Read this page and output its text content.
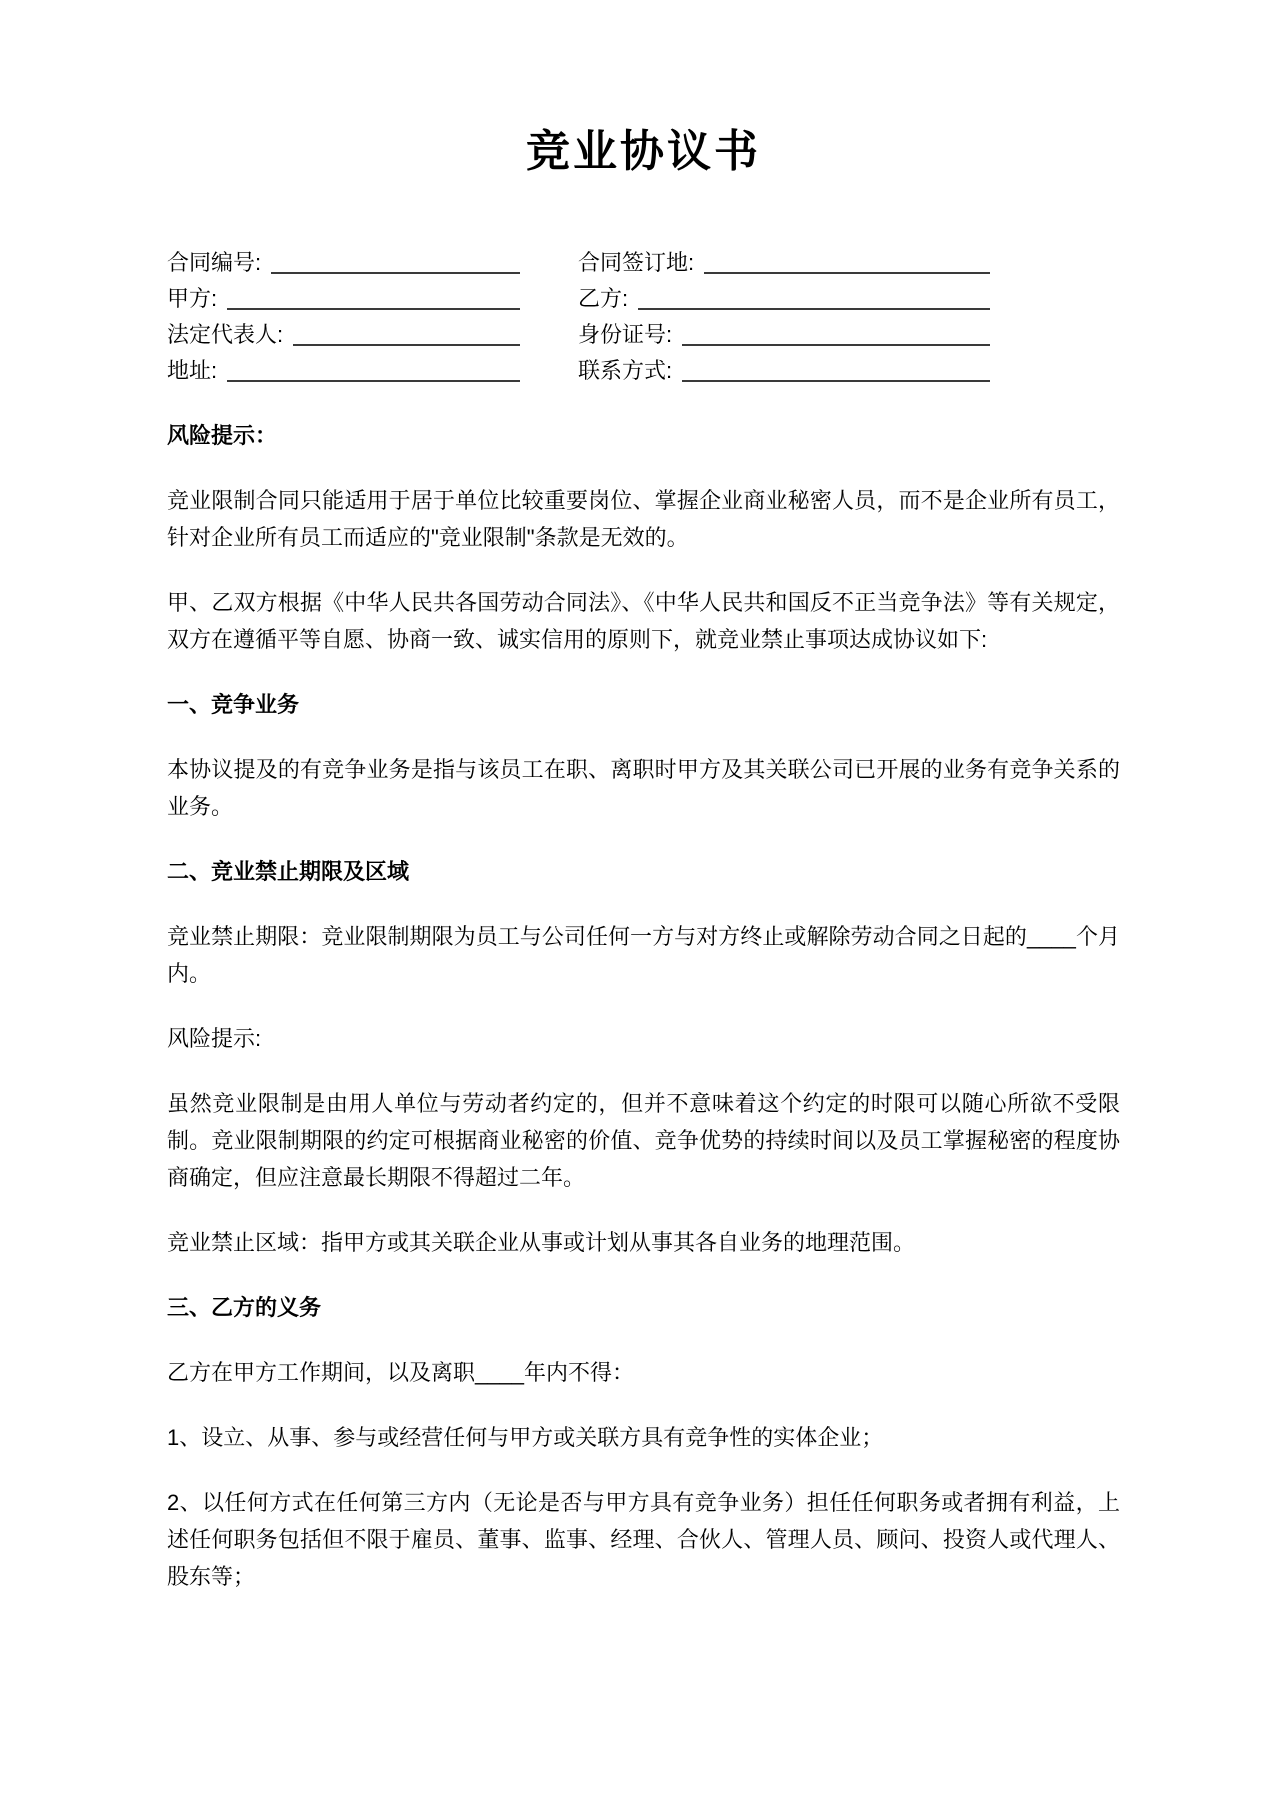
竞业协议书
合同编号:	合同签订地:
甲方:	乙方:
法定代表人:	身份证号:
地址:	联系方式:

风险提示：

竞业限制合同只能适用于居于单位比较重要岗位、掌握企业商业秘密人员，而不是企业所有员工，针对企业所有员工而适应的"竞业限制"条款是无效的。

甲、乙双方根据《中华人民共各国劳动合同法》、《中华人民共和国反不正当竞争法》等有关规定，双方在遵循平等自愿、协商一致、诚实信用的原则下，就竞业禁止事项达成协议如下:

一、竞争业务

本协议提及的有竞争业务是指与该员工在职、离职时甲方及其关联公司已开展的业务有竞争关系的业务。

二、竞业禁止期限及区域

竞业禁止期限：竞业限制期限为员工与公司任何一方与对方终止或解除劳动合同之日起的____个月内。

风险提示:

虽然竞业限制是由用人单位与劳动者约定的，但并不意味着这个约定的时限可以随心所欲不受限制。竞业限制期限的约定可根据商业秘密的价值、竞争优势的持续时间以及员工掌握秘密的程度协商确定，但应注意最长期限不得超过二年。

竞业禁止区域：指甲方或其关联企业从事或计划从事其各自业务的地理范围。

三、乙方的义务

乙方在甲方工作期间，以及离职____年内不得：

1、设立、从事、参与或经营任何与甲方或关联方具有竞争性的实体企业；

2、以任何方式在任何第三方内（无论是否与甲方具有竞争业务）担任任何职务或者拥有利益，上述任何职务包括但不限于雇员、董事、监事、经理、合伙人、管理人员、顾问、投资人或代理人、股东等；
